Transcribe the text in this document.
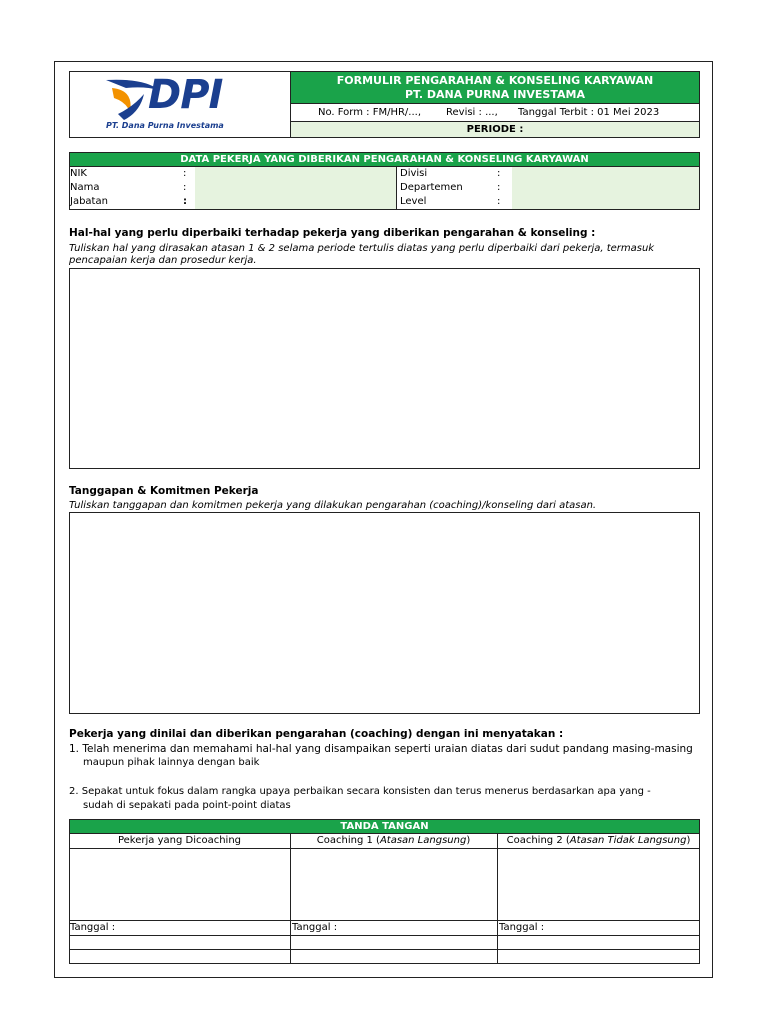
DPI
PT. Dana Purna Investama
FORMULIR PENGARAHAN & KONSELING KARYAWAN
PT. DANA PURNA INVESTAMA
No. Form : FM/HR/...,	Revisi : ..., Tanggal Terbit : 01 Mei 2023
PERIODE :
DATA PEKERJA YANG DIBERIKAN PENGARAHAN & KONSELING KARYAWAN
NIK	:
Nama	:
Jabatan	:
Divisi	:
Departemen	:
Level	:
Hal-hal yang perlu diperbaiki terhadap pekerja yang diberikan pengarahan & konseling :
Tuliskan hal yang dirasakan atasan 1 & 2 selama periode tertulis diatas yang perlu diperbaiki dari pekerja, termasuk
pencapaian kerja dan prosedur kerja.
Tanggapan & Komitmen Pekerja
Tuliskan tanggapan dan komitmen pekerja yang dilakukan pengarahan (coaching)/konseling dari atasan.
Pekerja yang dinilai dan diberikan pengarahan (coaching) dengan ini menyatakan :
1. Telah menerima dan memahami hal-hal yang disampaikan seperti uraian diatas dari sudut pandang masing-masing
maupun pihak lainnya dengan baik
2. Sepakat untuk fokus dalam rangka upaya perbaikan secara konsisten dan terus menerus berdasarkan apa yang -
sudah di sepakati pada point-point diatas
TANDA TANGAN
Pekerja yang Dicoaching	Coaching 1 (Atasan Langsung)	Coaching 2 (Atasan Tidak Langsung)
Tanggal :	Tanggal :	Tanggal :
